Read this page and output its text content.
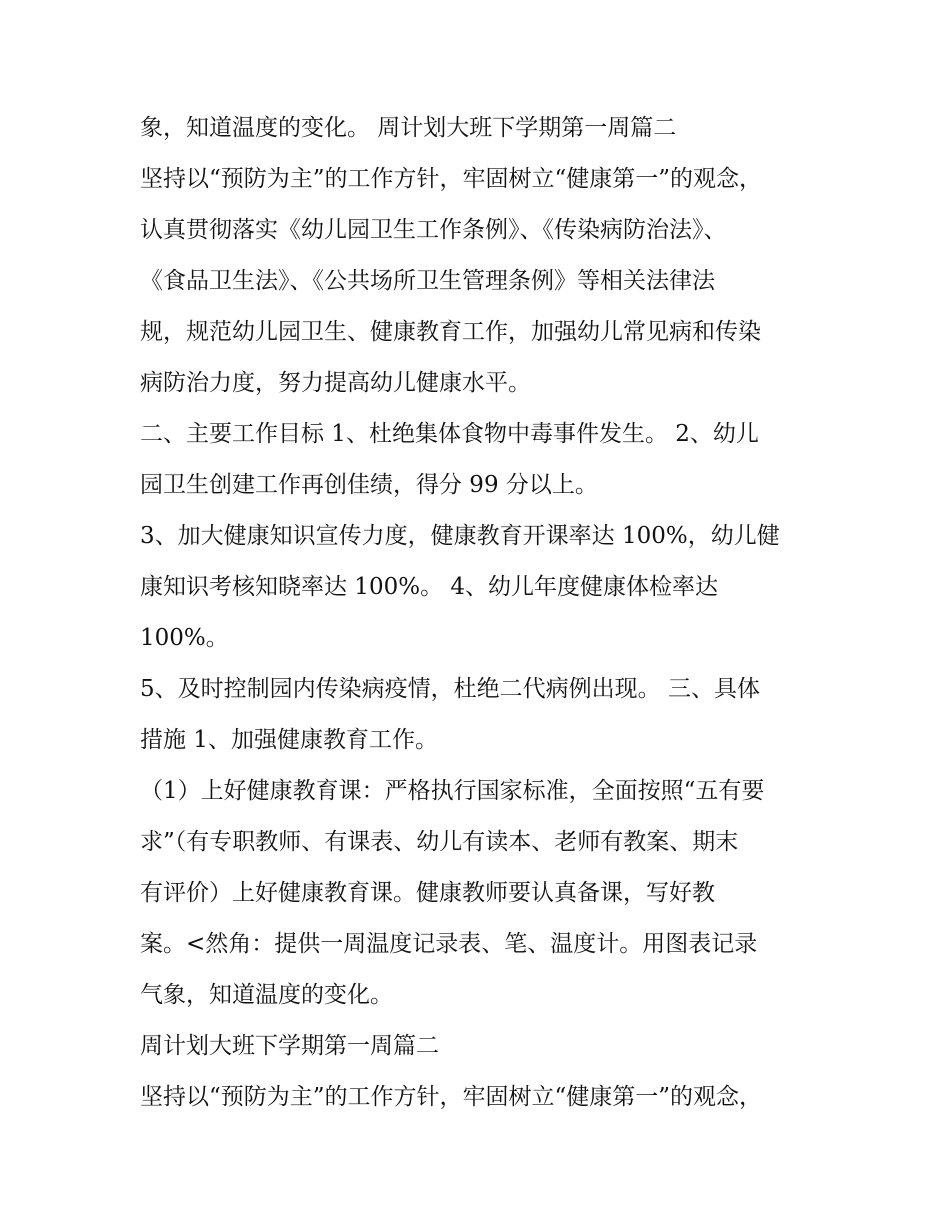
象，知道温度的变化。 周计划大班下学期第一周篇二
坚持以“预防为主”的工作方针，牢固树立“健康第一”的观念，
认真贯彻落实《幼儿园卫生工作条例》、《传染病防治法》、
《食品卫生法》、《公共场所卫生管理条例》等相关法律法
规，规范幼儿园卫生、健康教育工作，加强幼儿常见病和传染
病防治力度，努力提高幼儿健康水平。
二、主要工作目标 1、杜绝集体食物中毒事件发生。 2、幼儿
园卫生创建工作再创佳绩，得分 99 分以上。
3、加大健康知识宣传力度，健康教育开课率达 100%，幼儿健
康知识考核知晓率达 100%。 4、幼儿年度健康体检率达
100%。
5、及时控制园内传染病疫情，杜绝二代病例出现。 三、具体
措施 1、加强健康教育工作。
（1）上好健康教育课：严格执行国家标准，全面按照“五有要
求”（有专职教师、有课表、幼儿有读本、老师有教案、期末
有评价）上好健康教育课。健康教师要认真备课，写好教
案。<然角：提供一周温度记录表、笔、温度计。用图表记录
气象，知道温度的变化。
周计划大班下学期第一周篇二
坚持以“预防为主”的工作方针，牢固树立“健康第一”的观念，
